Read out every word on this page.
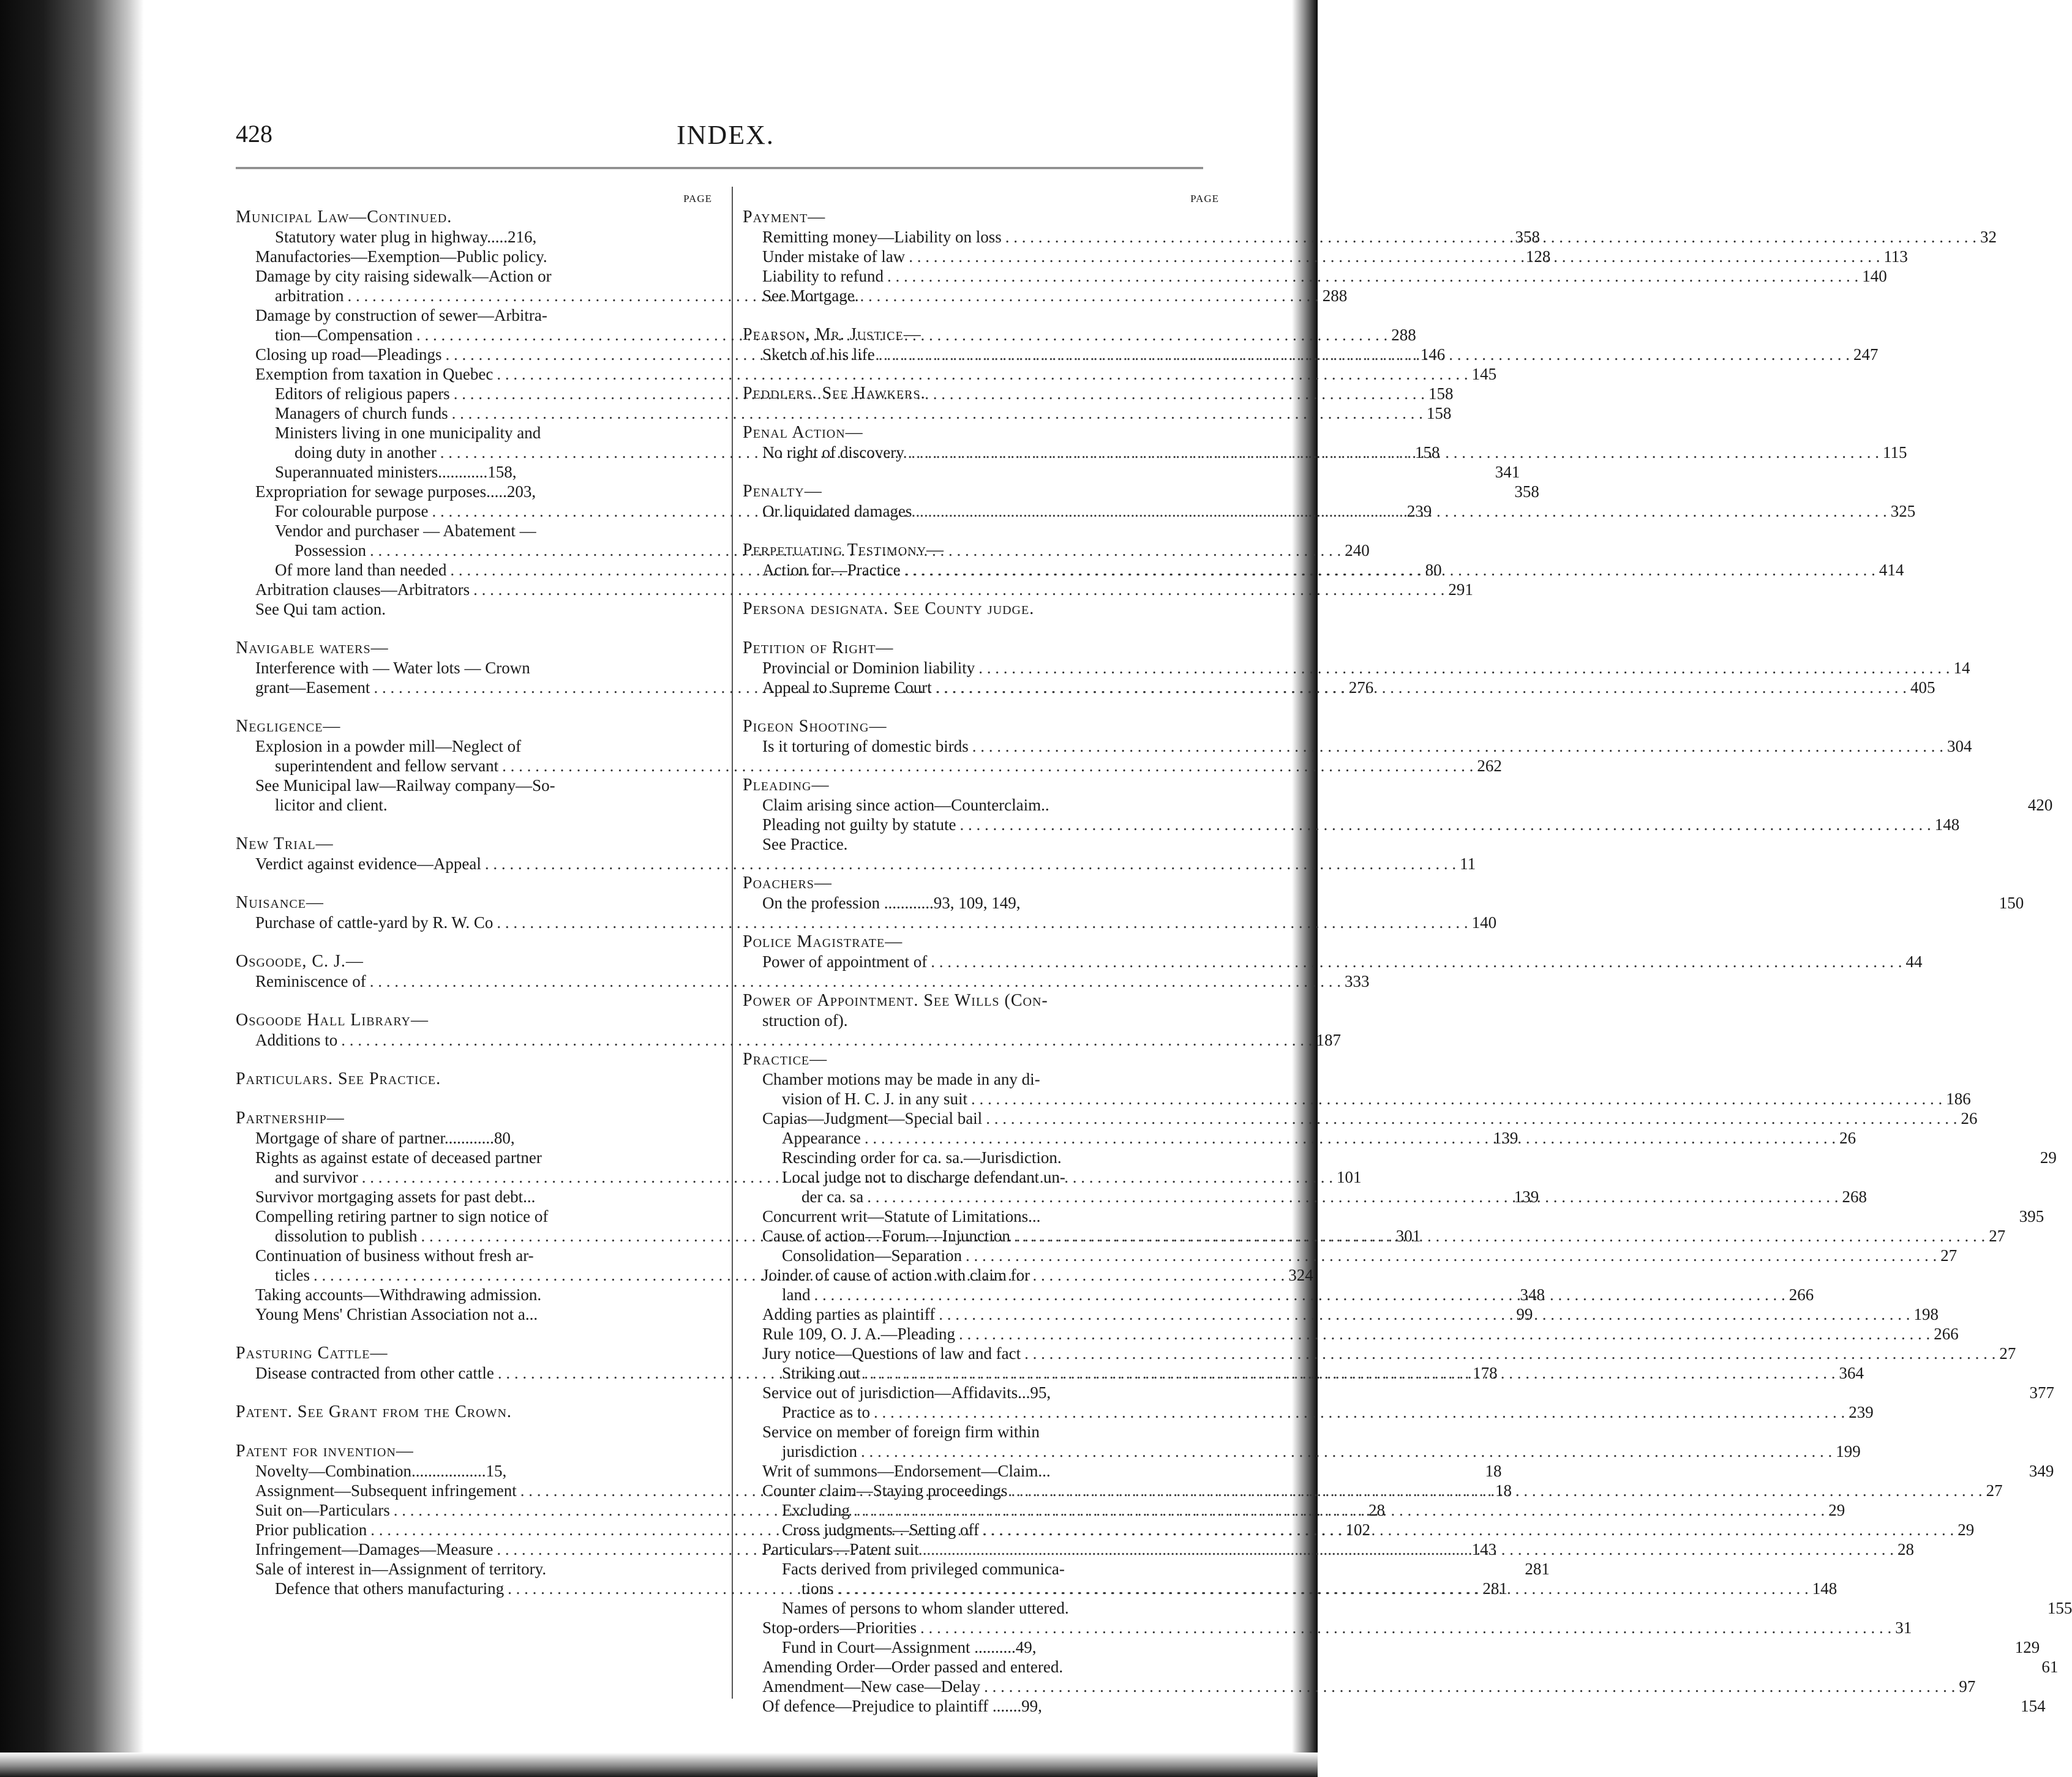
428	INDEX.
PAGE
Municipal Law—Continued.
Statutory water plug in highway.....216,	358
Manufactories—Exemption—Public policy.	128
Damage by city raising sidewalk—Action or
arbitration . . .	288
Damage by construction of sewer—Arbitra-
tion—Compensation . . .	288
Closing up road—Pleadings . . .	146
Exemption from taxation in Quebec . . .	145
Editors of religious papers . . .	158
Managers of church funds . . .	158
Ministers living in one municipality and
doing duty in another . . .	158
Superannuated ministers............158,	341
Expropriation for sewage purposes.....203,	358
For colourable purpose . . .	239
Vendor and purchaser — Abatement —
Possession . . .	240
Of more land than needed . . .	80
Arbitration clauses—Arbitrators . . .	291
See Qui tam action.
Navigable waters—
Interference with — Water lots — Crown
grant—Easement . . .	276
Negligence—
Explosion in a powder mill—Neglect of
superintendent and fellow servant . . .	262
See Municipal law—Railway company—So-
licitor and client.
New Trial—
Verdict against evidence—Appeal . . .	11
Nuisance—
Purchase of cattle-yard by R. W. Co . . .	140
Osgoode, C. J.—
Reminiscence of . . .	333
Osgoode Hall Library—
Additions to . . .	187
Particulars. See Practice.
Partnership—
Mortgage of share of partner............80,	139
Rights as against estate of deceased partner
and survivor . . .	101
Survivor mortgaging assets for past debt...	139
Compelling retiring partner to sign notice of
dissolution to publish . . .	301
Continuation of business without fresh ar-
ticles . . .	324
Taking accounts—Withdrawing admission.	348
Young Mens' Christian Association not a...	99
Pasturing Cattle—
Disease contracted from other cattle . . .	178
Patent. See Grant from the Crown.
Patent for invention—
Novelty—Combination..................15,	18
Assignment—Subsequent infringement . . .	18
Suit on—Particulars . . .	28
Prior publication . . .	102
Infringement—Damages—Measure . . .	143
Sale of interest in—Assignment of territory.	281
Defence that others manufacturing . . .	281
PAGE
Payment—
Remitting money—Liability on loss . . .	32
Under mistake of law . . .	113
Liability to refund . . .	140
See Mortgage.
Pearson, Mr. Justice—
Sketch of his life . . .	247
Peddlers. See Hawkers.
Penal Action—
No right of discovery . . .	115
Penalty—
Or liquidated damages . . .	325
Perpetuating Testimony—
Action for—Practice . . .	414
Persona designata. See County judge.
Petition of Right—
Provincial or Dominion liability . . .	14
Appeal to Supreme Court . . .	405
Pigeon Shooting—
Is it torturing of domestic birds . . .	304
Pleading—
Claim arising since action—Counterclaim..	420
Pleading not guilty by statute . . .	148
See Practice.
Poachers—
On the profession ............93, 109, 149,	150
Police Magistrate—
Power of appointment of . . .	44
Power of Appointment. See Wills (Con-
struction of).
Practice—
Chamber motions may be made in any di-
vision of H. C. J. in any suit . . .	186
Capias—Judgment—Special bail . . .	26
Appearance . . .	26
Rescinding order for ca. sa.—Jurisdiction.	29
Local judge not to discharge defendant un-
der ca. sa . . .	268
Concurrent writ—Statute of Limitations...	395
Cause of action—Forum—Injunction . . .	27
Consolidation—Separation . . .	27
Joinder of cause of action with claim for
land . . .	266
Adding parties as plaintiff . . .	198
Rule 109, O. J. A.—Pleading . . .	266
Jury notice—Questions of law and fact . . .	27
Striking out . . .	364
Service out of jurisdiction—Affidavits...95,	377
Practice as to . . .	239
Service on member of foreign firm within
jurisdiction . . .	199
Writ of summons—Endorsement—Claim...	349
Counter claim—Staying proceedings . . .	27
Excluding . . .	29
Cross judgments—Setting off . . .	29
Particulars—Patent suit . . .	28
Facts derived from privileged communica-
tions . . .	148
Names of persons to whom slander uttered.	155
Stop-orders—Priorities . . .	31
Fund in Court—Assignment ..........49,	129
Amending Order—Order passed and entered.	61
Amendment—New case—Delay . . .	97
Of defence—Prejudice to plaintiff .......99,	154
